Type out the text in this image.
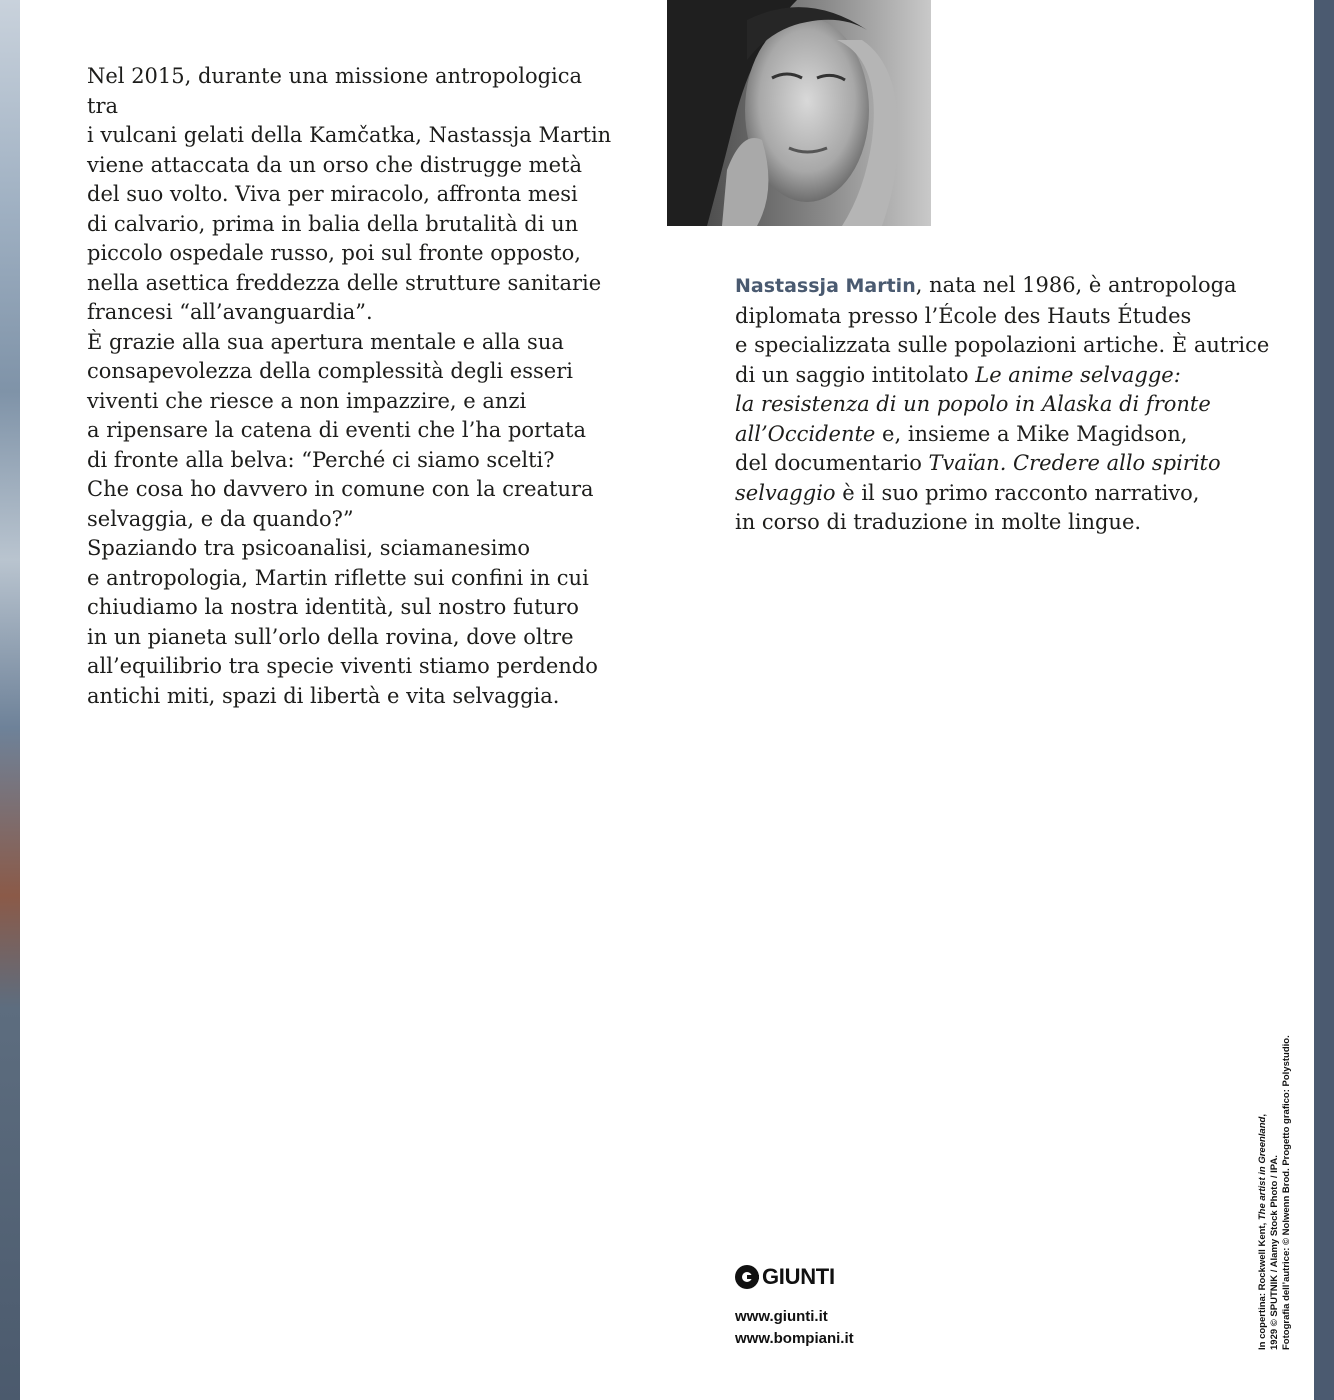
Nel 2015, durante una missione antropologica tra

i vulcani gelati della Kamčatka, Nastassja Martin

viene attaccata da un orso che distrugge metà

del suo volto. Viva per miracolo, affronta mesi

di calvario, prima in balia della brutalità di un

piccolo ospedale russo, poi sul fronte opposto,

nella asettica freddezza delle strutture sanitarie

francesi “all’avanguardia”.

È grazie alla sua apertura mentale e alla sua

consapevolezza della complessità degli esseri

viventi che riesce a non impazzire, e anzi

a ripensare la catena di eventi che l’ha portata

di fronte alla belva: “Perché ci siamo scelti?

Che cosa ho davvero in comune con la creatura

selvaggia, e da quando?”

Spaziando tra psicoanalisi, sciamanesimo

e antropologia, Martin riflette sui confini in cui

chiudiamo la nostra identità, sul nostro futuro

in un pianeta sull’orlo della rovina, dove oltre

all’equilibrio tra specie viventi stiamo perdendo

antichi miti, spazi di libertà e vita selvaggia.

Nastassja Martin, nata nel 1986, è antropologa
diplomata presso l’École des Hauts Études
e specializzata sulle popolazioni artiche. È autrice
di un saggio intitolato Le anime selvagge:
la resistenza di un popolo in Alaska di fronte
all’Occidente e, insieme a Mike Magidson,
del documentario Tvaïan. Credere allo spirito
selvaggio è il suo primo racconto narrativo,
in corso di traduzione in molte lingue.
GIUNTI
www.giunti.it
www.bompiani.it	In copertina: Rockwell Kent, The artist in Greenland,

1929 © SPUTNIK / Alamy Stock Photo / IPA. Fotografia dell’autrice: © Nolwenn Brod. Progetto grafico: Polystudio.
